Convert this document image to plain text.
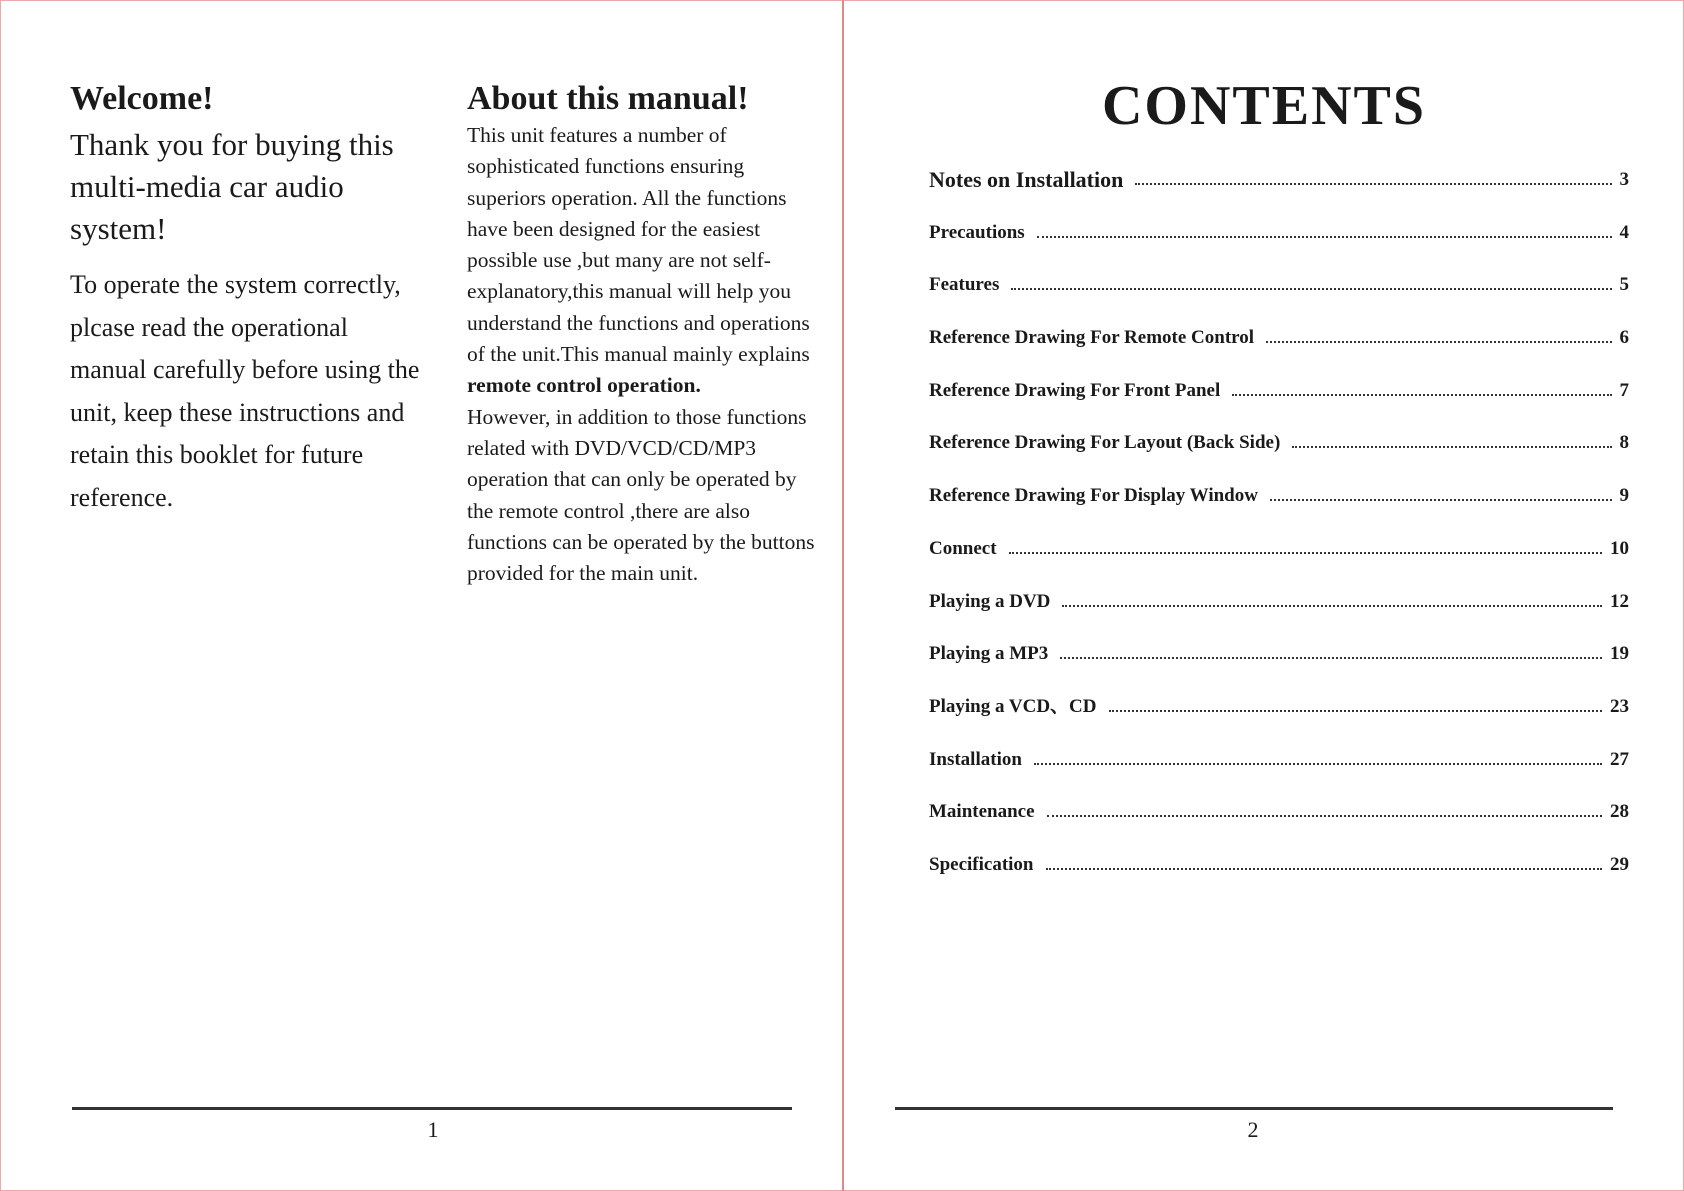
Welcome!

Thank you for buying this multi-media car audio system!

To operate the system correctly, plcase read the operational manual carefully before using the unit, keep these instructions and retain this booklet for future reference.

About this manual!

This unit features a number of sophisticated functions ensuring superiors operation. All the functions have been designed for the easiest possible use ,but many are not self-explanatory,this manual will help you understand the functions and operations of the unit.This manual mainly explains
remote control operation.
However, in addition to those functions related with DVD/VCD/CD/MP3 operation that can only be operated by the remote control ,there are also functions can be operated by the buttons provided for the main unit.

1
CONTENTS
Notes on Installation	3
Precautions	4
Features	5
Reference Drawing For Remote Control	6
Reference Drawing For Front Panel	7
Reference Drawing For Layout (Back Side)	8
Reference Drawing For Display Window	9
Connect	10
Playing a DVD	12
Playing a MP3	19
Playing a VCD、CD	23
Installation	27
Maintenance	28
Specification	29
2
